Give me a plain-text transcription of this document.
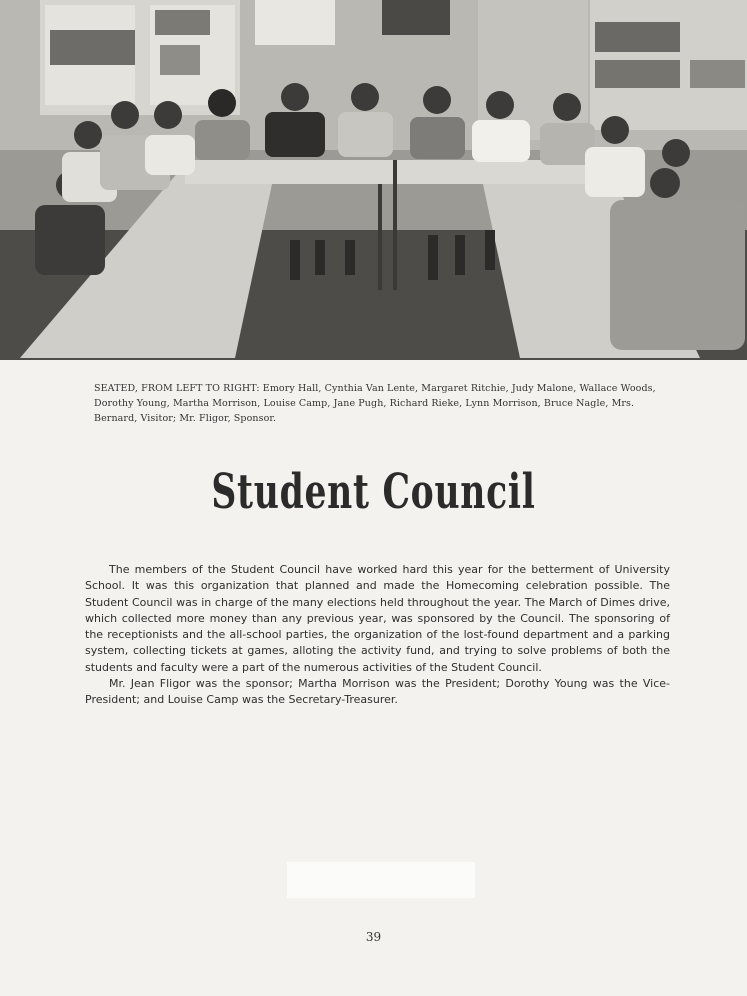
SEATED, FROM LEFT TO RIGHT: Emory Hall, Cynthia Van Lente, Margaret Ritchie, Judy Malone, Wallace Woods, Dorothy Young, Martha Morrison, Louise Camp, Jane Pugh, Richard Rieke, Lynn Morrison, Bruce Nagle, Mrs. Bernard, Visitor; Mr. Fligor, Sponsor.
Student Council

The members of the Student Council have worked hard this year for the betterment of University School. It was this organization that planned and made the Homecoming celebration possible. The Student Council was in charge of the many elections held throughout the year. The March of Dimes drive, which collected more money than any previous year, was sponsored by the Council. The sponsoring of the receptionists and the all-school parties, the organization of the lost-found department and a parking system, collecting tickets at games, alloting the activity fund, and trying to solve problems of both the students and faculty were a part of the numerous activities of the Student Council.

Mr. Jean Fligor was the sponsor; Martha Morrison was the President; Dorothy Young was the Vice-President; and Louise Camp was the Secretary-Treasurer.

39
